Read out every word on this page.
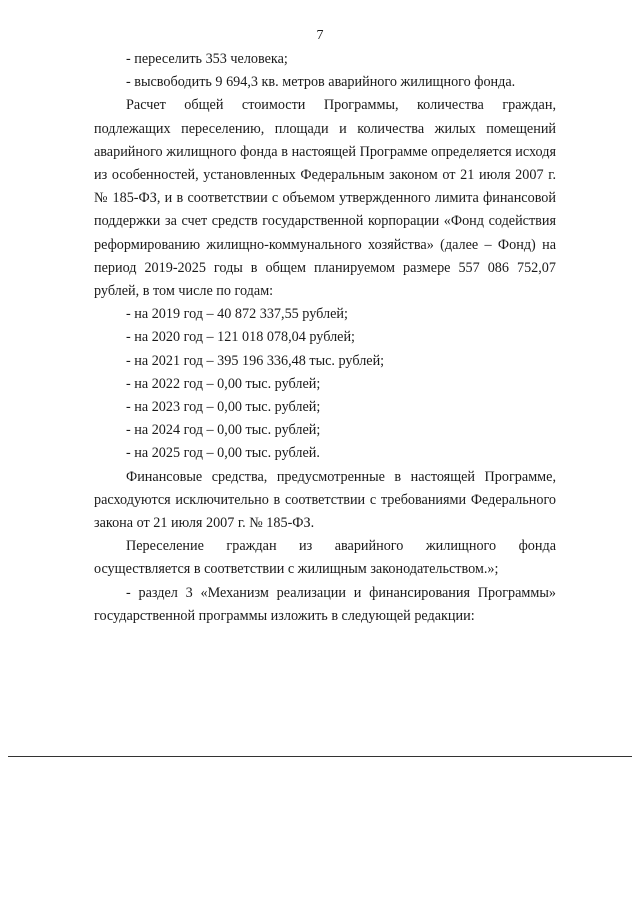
7

- переселить 353 человека;

- высвободить 9 694,3 кв. метров аварийного жилищного фонда.

Расчет общей стоимости Программы, количества граждан, подлежащих переселению, площади и количества жилых помещений аварийного жилищного фонда в настоящей Программе определяется исходя из особенностей, установленных Федеральным законом от 21 июля 2007 г. № 185-ФЗ, и в соответствии с объемом утвержденного лимита финансовой поддержки за счет средств государственной корпорации «Фонд содействия реформированию жилищно-коммунального хозяйства» (далее – Фонд) на период 2019-2025 годы в общем планируемом размере 557 086 752,07 рублей, в том числе по годам:

- на 2019 год – 40 872 337,55 рублей;

- на 2020 год – 121 018 078,04 рублей;

- на 2021 год – 395 196 336,48 тыс. рублей;

- на 2022 год – 0,00 тыс. рублей;

- на 2023 год – 0,00 тыс. рублей;

- на 2024 год – 0,00 тыс. рублей;

- на 2025 год – 0,00 тыс. рублей.

Финансовые средства, предусмотренные в настоящей Программе, расходуются исключительно в соответствии с требованиями Федерального закона от 21 июля 2007 г. № 185-ФЗ.

Переселение граждан из аварийного жилищного фонда осуществляется в соответствии с жилищным законодательством.»;

- раздел 3 «Механизм реализации и финансирования Программы» государственной программы изложить в следующей редакции:
